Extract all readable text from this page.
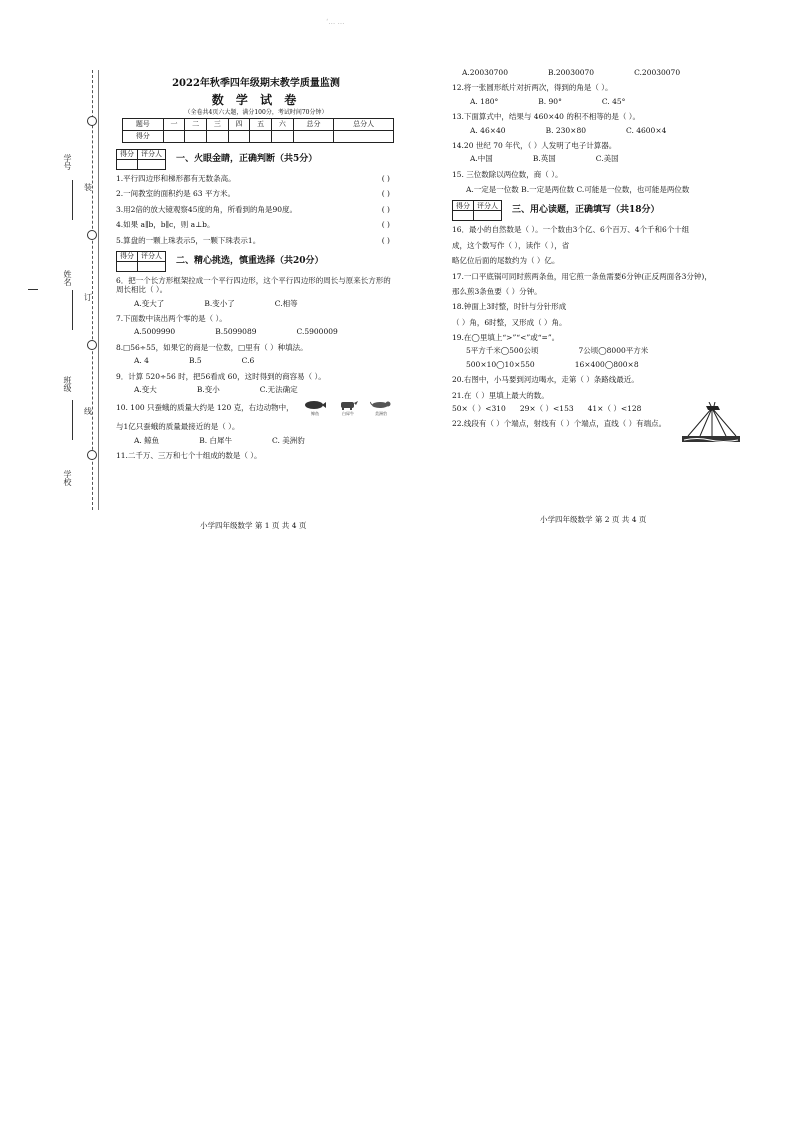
‘… …
学号
姓名
班级
学校
装
订
线
2022年秋季四年级期末教学质量监测
数 学 试 卷
（全卷共4页六大题，满分100分，考试时间70分钟）
题号	一	二	三	四	五	六	总分	总分人
得分								
得分	评分人
	一、火眼金睛，正确判断（共5分）
1.平行四边形和梯形都有无数条高。	( )
2.一间教室的面积约是 63 平方米。	( )
3.用2倍的放大镜观察45度的角，所看到的角是90度。	( )
4.如果 a∥b，b∥c，则 a⊥b。	( )
5.算盘的一颗上珠表示5，一颗下珠表示1。	( )
得分	评分人
	二、精心挑选，慎重选择（共20分）
6．把一个长方形框架拉成一个平行四边形，这个平行四边形的周长与原来长方形的周长相比（ ）。
A.变大了	B.变小了	C.相等
7.下面数中读出两个零的是（ ）。
A.5009990	B.5099089	C.5900009
8.□56÷55，如果它的商是一位数，□里有（ ）种填法。
A. 4	B.5	C.6
9．计算 520÷56 时，把56看成 60，这时得到的商容易（ ）。
A.变大	B.变小	C.无法确定
10. 100 只蚕蛾的质量大约是 120 克，右边动物中，

鲸鱼	白犀牛	美洲豹
与1亿只蚕蛾的质量最接近的是（ ）。
A. 鲸鱼	B. 白犀牛	C. 美洲豹
11.二千万、三万和七个十组成的数是（ ）。
小学四年级数学 第 1 页 共 4 页
A.20030700	B.20030070	C.20030070
12.将一张圆形纸片对折两次，得到的角是（ ）。
A. 180°	B. 90°	C. 45°
13.下面算式中，结果与 460×40 的积不相等的是（ ）。
A. 46×40	B. 230×80	C. 4600×4
14.20 世纪 70 年代，（ ）人发明了电子计算器。
A.中国	B.英国	C.美国
15. 三位数除以两位数，商（ ）。
A.一定是一位数 B.一定是两位数 C.可能是一位数，也可能是两位数
得分	评分人
	三、用心读题，正确填写（共18分）
16．最小的自然数是（ ）。一个数由3个亿、6个百万、4个千和6个十组
成，这个数写作（ ），读作（ ），省
略亿位后面的尾数约为（ ）亿。
17.一口平底锅可同时煎两条鱼，用它煎一条鱼需要6分钟(正反两面各3分钟)，
那么煎3条鱼要（ ）分钟。
18.钟面上3时整，时针与分针形成
（ ）角，6时整，又形成（ ）角。
19.在◯里填上“>”“<”或“=”。
5平方千米◯500公顷	7公顷◯8000平方米
500×10◯10×550	16×400◯800×8
20.右图中，小马要到河边喝水，走第（ ）条路线最近。
21.在（ ）里填上最大的数。
50×（ ）<310 29×（ ）<153 41×（ ）<128
22.线段有（ ）个端点，射线有（ ）个端点，直线（ ）有端点。
小学四年级数学 第 2 页 共 4 页
